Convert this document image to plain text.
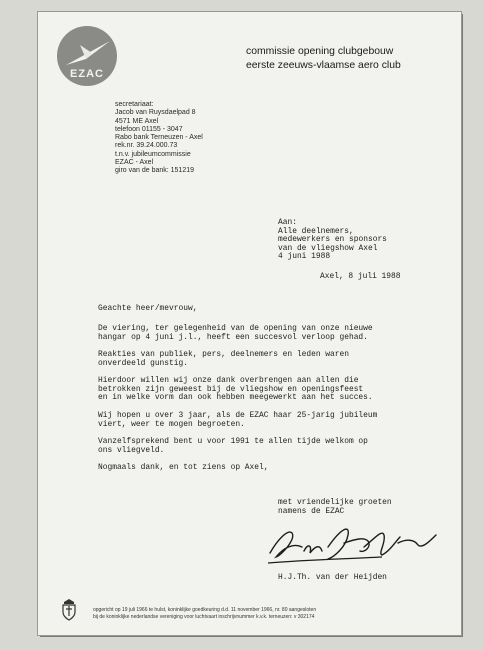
EZAC
commissie opening clubgebouw
eerste zeeuws-vlaamse aero club
secretariaat:
Jacob van Ruysdaelpad 8
4571 ME Axel
telefoon 01155 - 3047
Rabo bank Terneuzen - Axel
rek.nr. 39.24.000.73
t.n.v. jubileumcommissie
EZAC - Axel
giro van de bank: 151219
Aan:
Alle deelnemers,
medewerkers en sponsors
van de vliegshow Axel
4 juni 1988
Axel, 8 juli 1988
Geachte heer/mevrouw,
De viering, ter gelegenheid van de opening van onze nieuwe
hangar op 4 juni j.l., heeft een succesvol verloop gehad.
Reakties van publiek, pers, deelnemers en leden waren
onverdeeld gunstig.
Hierdoor willen wij onze dank overbrengen aan allen die
betrokken zijn geweest bij de vliegshow en openingsfeest
en in welke vorm dan ook hebben meegewerkt aan het succes.
Wij hopen u over 3 jaar, als de EZAC haar 25-jarig jubileum
viert, weer te mogen begroeten.
Vanzelfsprekend bent u voor 1991 te allen tijde welkom op
ons vliegveld.
Nogmaals dank, en tot ziens op Axel,
met vriendelijke groeten
namens de EZAC
H.J.Th. van der Heijden
opgericht op 19 juli 1966 te hulst, koninklijke goedkeuring d.d. 11 november 1966, nr. 80 aangesloten
bij de koninklijke nederlandse vereniging voor luchtvaart inschrijvnummer k.v.k. terneuzen: v 302174
